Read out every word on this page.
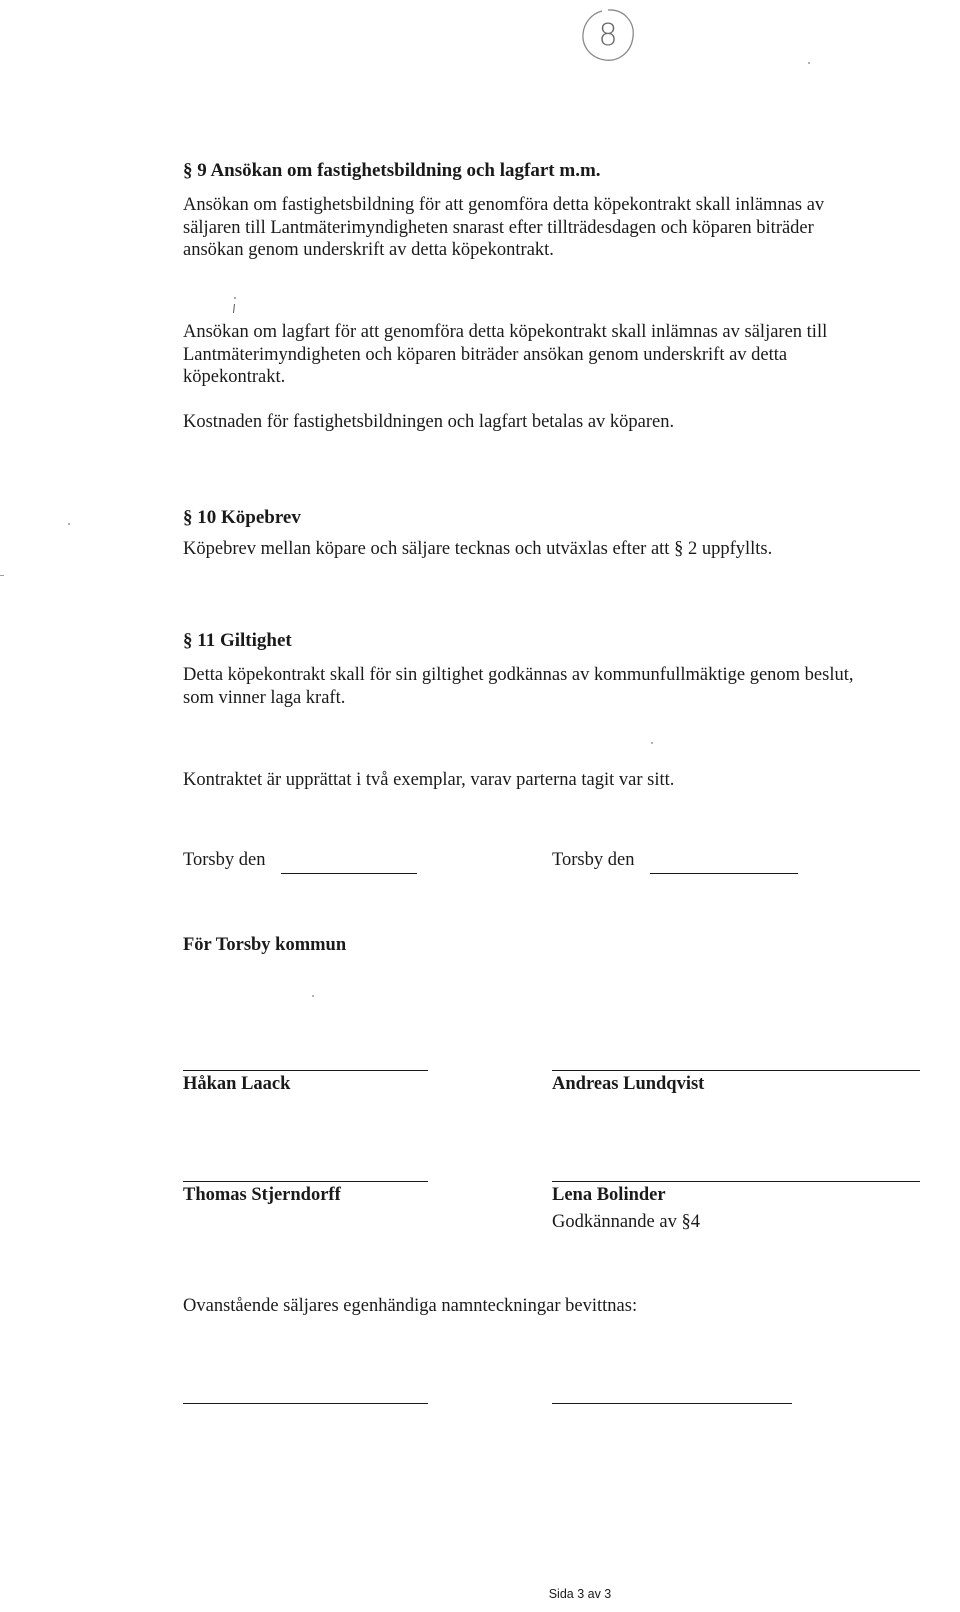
8
§ 9 Ansökan om fastighetsbildning och lagfart m.m.

Ansökan om fastighetsbildning för att genomföra detta köpekontrakt skall inlämnas av

säljaren till Lantmäterimyndigheten snarast efter tillträdesdagen och köparen biträder

ansökan genom underskrift av detta köpekontrakt.

Ansökan om lagfart för att genomföra detta köpekontrakt skall inlämnas av säljaren till

Lantmäterimyndigheten och köparen biträder ansökan genom underskrift av detta

köpekontrakt.

Kostnaden för fastighetsbildningen och lagfart betalas av köparen.
§ 10 Köpebrev
Köpebrev mellan köpare och säljare tecknas och utväxlas efter att § 2 uppfyllts.
§ 11 Giltighet

Detta köpekontrakt skall för sin giltighet godkännas av kommunfullmäktige genom beslut,

som vinner laga kraft.

Kontraktet är upprättat i två exemplar, varav parterna tagit var sitt.
Torsby den	Torsby den
För Torsby kommun
Håkan Laack	Andreas Lundqvist
Thomas Stjerndorff	Lena Bolinder
Godkännande av §4
Ovanstående säljares egenhändiga namnteckningar bevittnas:
Sida 3 av 3
